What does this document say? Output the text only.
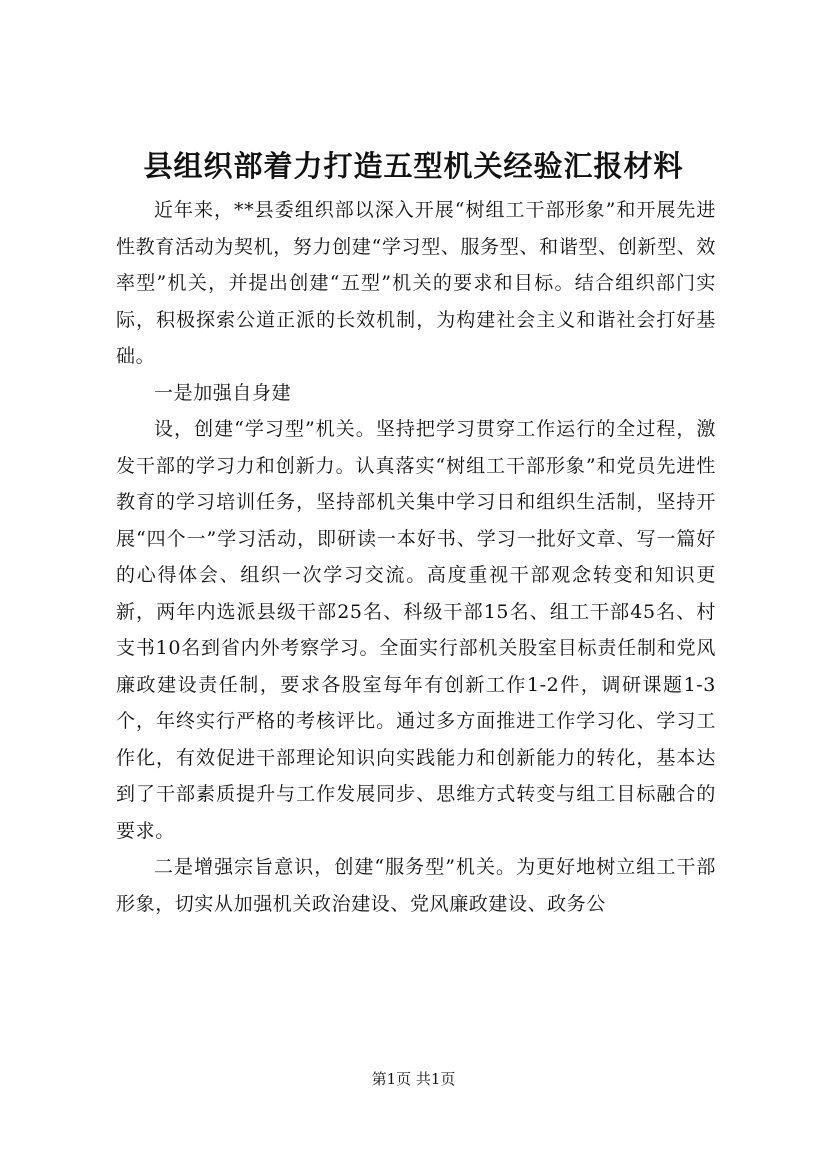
县组织部着力打造五型机关经验汇报材料

近年来，**县委组织部以深入开展“树组工干部形象”和开展先进性教育活动为契机，努力创建“学习型、服务型、和谐型、创新型、效率型”机关，并提出创建“五型”机关的要求和目标。结合组织部门实际，积极探索公道正派的长效机制，为构建社会主义和谐社会打好基础。

一是加强自身建

设，创建“学习型”机关。坚持把学习贯穿工作运行的全过程，激发干部的学习力和创新力。认真落实“树组工干部形象”和党员先进性教育的学习培训任务，坚持部机关集中学习日和组织生活制，坚持开展“四个一”学习活动，即研读一本好书、学习一批好文章、写一篇好的心得体会、组织一次学习交流。高度重视干部观念转变和知识更新，两年内选派县级干部25名、科级干部15名、组工干部45名、村支书10名到省内外考察学习。全面实行部机关股室目标责任制和党风廉政建设责任制，要求各股室每年有创新工作1-2件，调研课题1-3个，年终实行严格的考核评比。通过多方面推进工作学习化、学习工作化，有效促进干部理论知识向实践能力和创新能力的转化，基本达到了干部素质提升与工作发展同步、思维方式转变与组工目标融合的要求。

二是增强宗旨意识，创建“服务型”机关。为更好地树立组工干部形象，切实从加强机关政治建设、党风廉政建设、政务公

第1页 共1页
